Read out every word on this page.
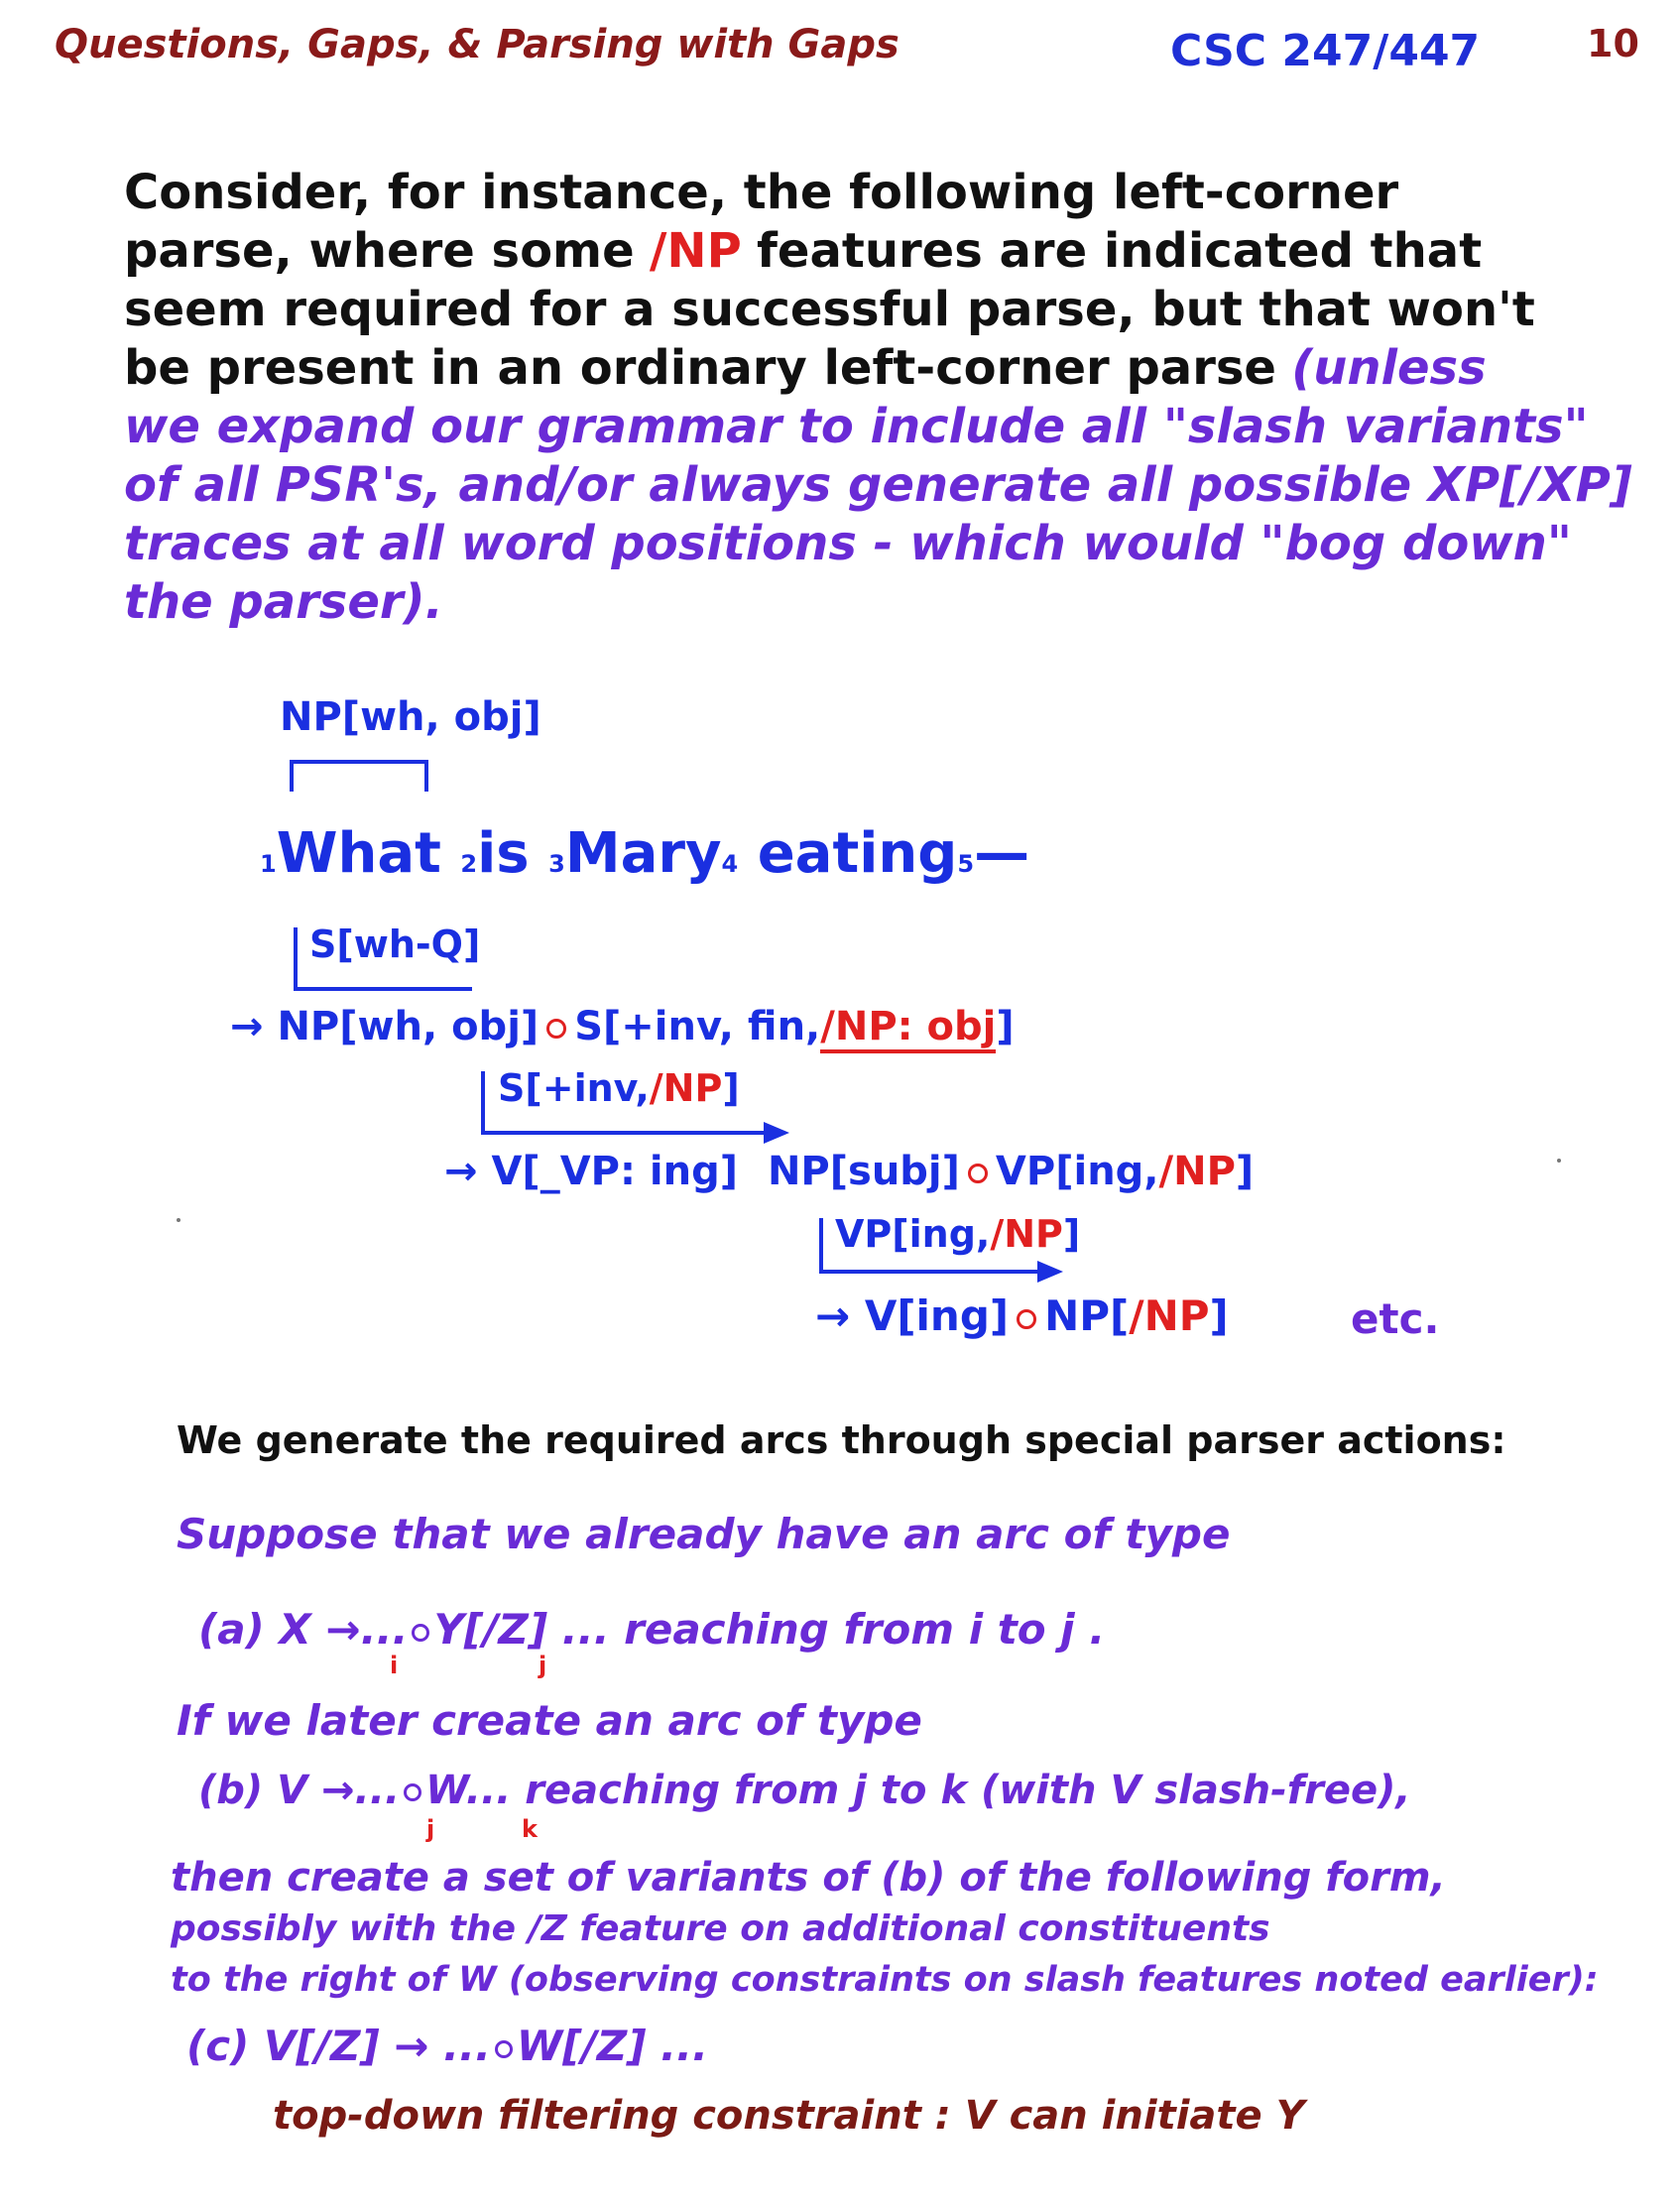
Questions, Gaps, & Parsing with Gaps	CSC 247/447	10
Consider, for instance, the following left-corner
parse, where some /NP features are indicated that
seem required for a successful parse, but that won't
be present in an ordinary left-corner parse (unless
we expand our grammar to include all "slash variants"
of all PSR's, and/or always generate all possible XP[/XP]
traces at all word positions - which would "bog down"
the parser).
NP[wh, obj]
1What 2is 3Mary4 eating5—
S[wh-Q]
→ NP[wh, obj] S[+inv, fin,/NP: obj]
S[+inv,/NP]
→ V[_VP: ing] NP[subj] VP[ing,/NP]
VP[ing,/NP]
→ V[ing] NP[/NP]	etc.
We generate the required arcs through special parser actions:
Suppose that we already have an arc of type
(a) X →... Y[/Z] ... reaching from i to j .
i	j
If we later create an arc of type
(b) V →... W... reaching from j to k (with V slash-free),
j	k
then create a set of variants of (b) of the following form,
possibly with the /Z feature on additional constituents
to the right of W (observing constraints on slash features noted earlier):
(c) V[/Z] → ... W[/Z] ...
top-down filtering constraint : V can initiate Y
